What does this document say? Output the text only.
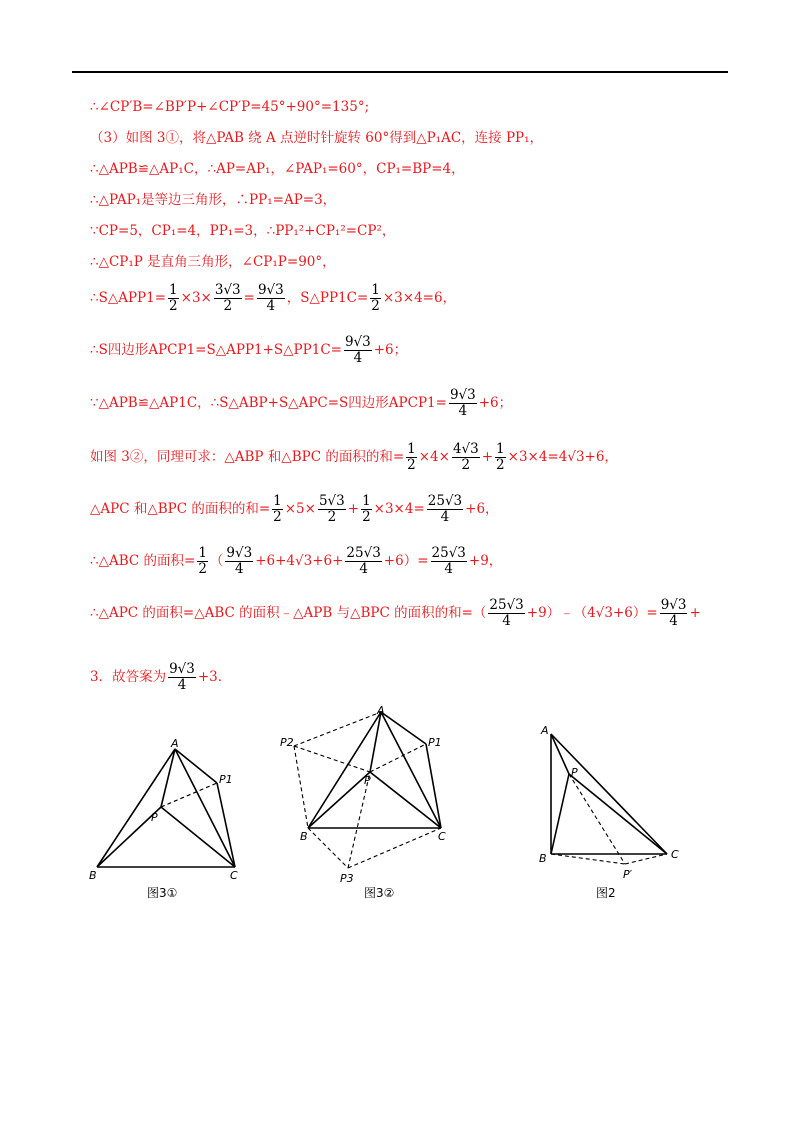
∴∠CP′B=∠BP′P+∠CP′P=45°+90°=135°;
（3）如图 3①，将△PAB 绕 A 点逆时针旋转 60°得到△P₁AC，连接 PP₁，
∴△APB≌△AP₁C，∴AP=AP₁，∠PAP₁=60°，CP₁=BP=4，
∴△PAP₁是等边三角形，∴PP₁=AP=3，
∵CP=5，CP₁=4，PP₁=3，∴PP₁²+CP₁²=CP²，
∴△CP₁P 是直角三角形，∠CP₁P=90°，
∴S△APP1= $\frac{1}{2} \times 3\times \frac{3√3}{2} = \frac{9√3}{4}$ ，S△PP1C= $\frac{1}{2} \times 3\times 4=6$，
∴S四边形APCP1=S△APP1+S△PP1C= $\frac{9√3}{4} +6$；
∵△APB≌△AP1C，∴S△ABP+S△APC=S四边形APCP1= $\frac{9√3}{4} +6$；
如图 3②，同理可求：△ABP 和△BPC 的面积的和= $\frac{1}{2} \times 4\times \frac{4√3}{2} + \frac{1}{2} \times 3\times 4=4√3+6$，
△APC 和△BPC 的面积的和= $\frac{1}{2} \times 5\times \frac{5√3}{2} + \frac{1}{2} \times 3\times 4= \frac{25√3}{4} +6$，
∴△ABC 的面积= $\frac{1}{2}$ （ $\frac{9√3}{4} +6+4√3+6+ \frac{25√3}{4} +6)= \frac{25√3}{4} +9$，
∴△APC 的面积=△ABC 的面积﹣△APB 与△BPC 的面积的和=（ $\frac{25√3}{4}$ +9）﹣（4√3+6）= $\frac{9√3}{4}$ +
3．故答案为 $\frac{9√3}{4} +3$．
A
B	C
P
P1
图3①
A
B	C
P
P1
P2
P3
图3②
A
B	C
P
P′
图2
